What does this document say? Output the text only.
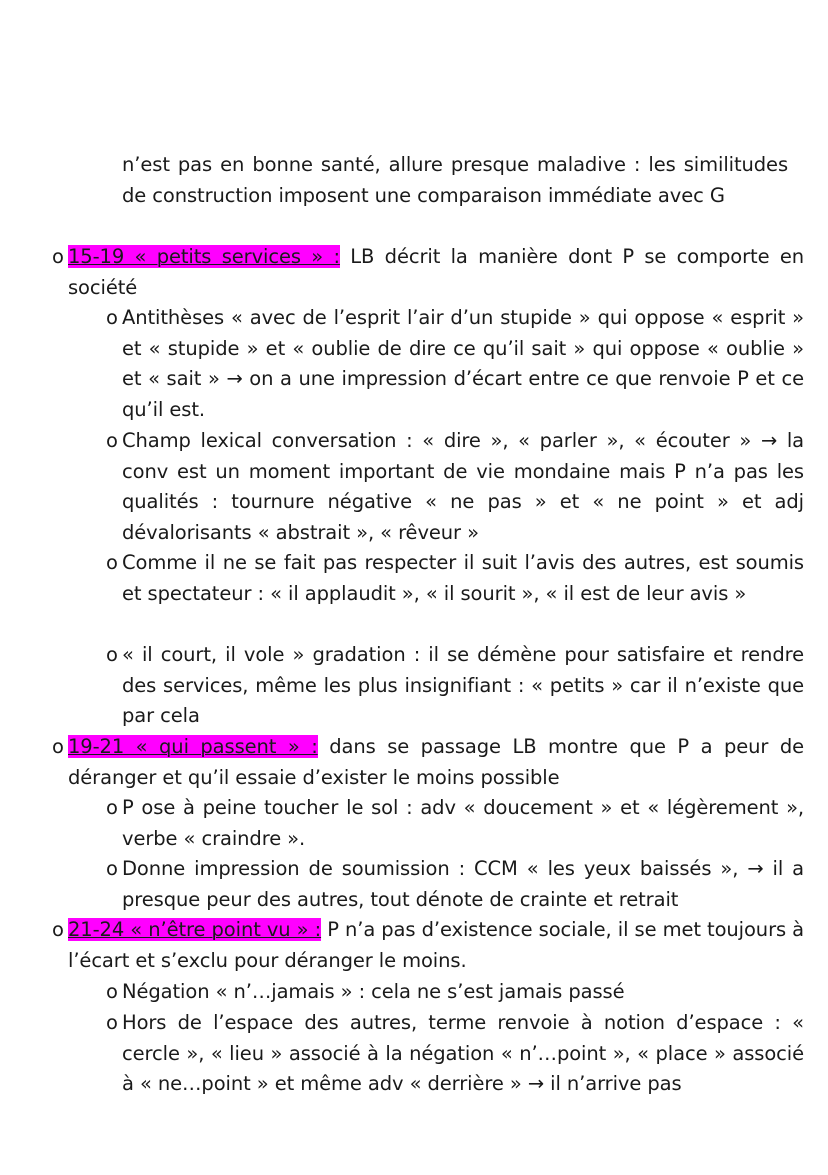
n’est pas en bonne santé, allure presque maladive : les similitudes de construction imposent une comparaison immédiate avec G
o 15-19 « petits services » : LB décrit la manière dont P se comporte en société
o Antithèses « avec de l’esprit l’air d’un stupide » qui oppose « esprit » et « stupide » et « oublie de dire ce qu’il sait » qui oppose « oublie » et « sait » → on a une impression d’écart entre ce que renvoie P et ce qu’il est.
o Champ lexical conversation : « dire », « parler », « écouter » → la conv est un moment important de vie mondaine mais P n’a pas les qualités : tournure négative « ne pas » et « ne point » et adj dévalorisants « abstrait », « rêveur »
o Comme il ne se fait pas respecter il suit l’avis des autres, est soumis et spectateur : « il applaudit », « il sourit », « il est de leur avis »
o « il court, il vole » gradation : il se démène pour satisfaire et rendre des services, même les plus insignifiant : « petits » car il n’existe que par cela
o 19-21 « qui passent » : dans se passage LB montre que P a peur de déranger et qu’il essaie d’exister le moins possible
o P ose à peine toucher le sol : adv « doucement » et « légèrement », verbe « craindre ».
o Donne impression de soumission : CCM « les yeux baissés », → il a presque peur des autres, tout dénote de crainte et retrait
o 21-24 « n’être point vu » : P n’a pas d’existence sociale, il se met toujours à l’écart et s’exclu pour déranger le moins.
o Négation « n’…jamais » : cela ne s’est jamais passé
o Hors de l’espace des autres, terme renvoie à notion d’espace : « cercle », « lieu » associé à la négation « n’…point », « place » associé à « ne…point » et même adv « derrière » → il n’arrive pas
